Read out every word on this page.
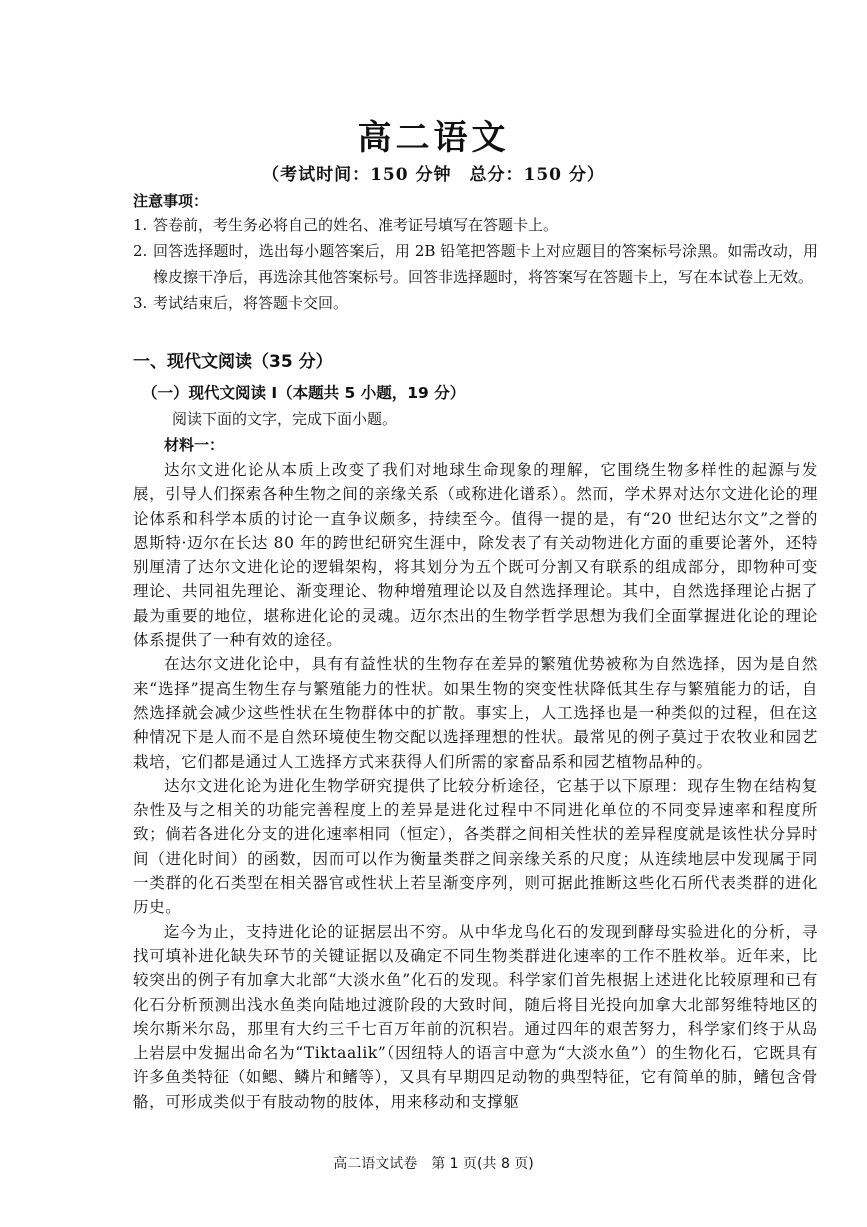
高二语文
（考试时间：150 分钟　总分：150 分）
注意事项：
1. 答卷前，考生务必将自己的姓名、准考证号填写在答题卡上。
2. 回答选择题时，选出每小题答案后，用 2B 铅笔把答题卡上对应题目的答案标号涂黑。如需改动，用橡皮擦干净后，再选涂其他答案标号。回答非选择题时，将答案写在答题卡上，写在本试卷上无效。
3. 考试结束后，将答题卡交回。
一、现代文阅读（35 分）
（一）现代文阅读 I（本题共 5 小题，19 分）
阅读下面的文字，完成下面小题。
材料一：

达尔文进化论从本质上改变了我们对地球生命现象的理解，它围绕生物多样性的起源与发展，引导人们探索各种生物之间的亲缘关系（或称进化谱系）。然而，学术界对达尔文进化论的理论体系和科学本质的讨论一直争议颇多，持续至今。值得一提的是，有“20 世纪达尔文”之誉的恩斯特·迈尔在长达 80 年的跨世纪研究生涯中，除发表了有关动物进化方面的重要论著外，还特别厘清了达尔文进化论的逻辑架构，将其划分为五个既可分割又有联系的组成部分，即物种可变理论、共同祖先理论、渐变理论、物种增殖理论以及自然选择理论。其中，自然选择理论占据了最为重要的地位，堪称进化论的灵魂。迈尔杰出的生物学哲学思想为我们全面掌握进化论的理论体系提供了一种有效的途径。

在达尔文进化论中，具有有益性状的生物存在差异的繁殖优势被称为自然选择，因为是自然来“选择”提高生物生存与繁殖能力的性状。如果生物的突变性状降低其生存与繁殖能力的话，自然选择就会减少这些性状在生物群体中的扩散。事实上，人工选择也是一种类似的过程，但在这种情况下是人而不是自然环境使生物交配以选择理想的性状。最常见的例子莫过于农牧业和园艺栽培，它们都是通过人工选择方式来获得人们所需的家畜品系和园艺植物品种的。

达尔文进化论为进化生物学研究提供了比较分析途径，它基于以下原理：现存生物在结构复杂性及与之相关的功能完善程度上的差异是进化过程中不同进化单位的不同变异速率和程度所致；倘若各进化分支的进化速率相同（恒定），各类群之间相关性状的差异程度就是该性状分异时间（进化时间）的函数，因而可以作为衡量类群之间亲缘关系的尺度；从连续地层中发现属于同一类群的化石类型在相关器官或性状上若呈渐变序列，则可据此推断这些化石所代表类群的进化历史。

迄今为止，支持进化论的证据层出不穷。从中华龙鸟化石的发现到酵母实验进化的分析，寻找可填补进化缺失环节的关键证据以及确定不同生物类群进化速率的工作不胜枚举。近年来，比较突出的例子有加拿大北部“大淡水鱼”化石的发现。科学家们首先根据上述进化比较原理和已有化石分析预测出浅水鱼类向陆地过渡阶段的大致时间，随后将目光投向加拿大北部努维特地区的埃尔斯米尔岛，那里有大约三千七百万年前的沉积岩。通过四年的艰苦努力，科学家们终于从岛上岩层中发掘出命名为“Tiktaalik”（因纽特人的语言中意为“大淡水鱼”）的生物化石，它既具有许多鱼类特征（如鳃、鳞片和鳍等），又具有早期四足动物的典型特征，它有简单的肺，鳍包含骨骼，可形成类似于有肢动物的肢体，用来移动和支撑躯

高二语文试卷　第 1 页(共 8 页)
